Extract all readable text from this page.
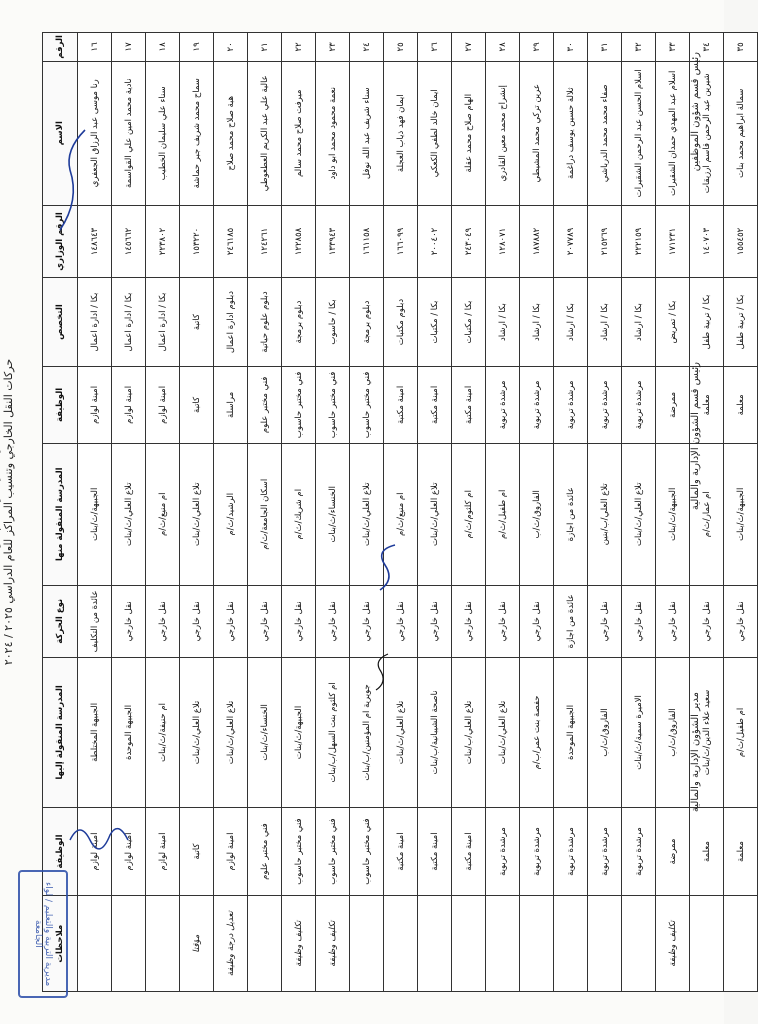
حركات النقل الخارجي وتنسيب المراكز للعام الدراسي ٢٠٢٥ / ٢٠٢٤
الرقم	الاسم	الرقم الوزاري	التخصص	الوظيفة	المدرسة المنقولة منها	نوع الحركة	المدرسة المنقولة إليها	الوظيفة	ملاحظات
١٦	رنا موسى عبد الرزاق الجعفري	١٤٨٦٤٣	بكا / ادارة اعمال	امينة لوازم	الجبيهة/ث/بنات	عائدة من التكليف	الجبيهة المختلطة	امينة لوازم	
١٧	نادية محمد امين علي القواسمة	١٤٥٦٦٢	بكا / ادارة اعمال	امينة لوازم	تلاع العلي/ث/بنات	نقل خارجي	الجبيهة الموحدة	امينة لوازم	
١٨	سناء علي سليمان الخطيب	٢٢٣٨٠٢	بكا / ادارة اعمال	امينة لوازم	ام منيع/ث/م	نقل خارجي	ام حنيفة/ث/بنات	امينة لوازم	
١٩	سماح محمد شريف جبر حماشة	١٥٣٢٢٠	كاتبة	كاتبة	تلاع العلي/ث/بنات	نقل خارجي	تلاع العلي/ث/بنات	كاتبة	مؤقتا
٢٠	هبة صلاح محمد صلاح	٢٤٦١٨٥	دبلوم ادارة اعمال	مراسلة	الرشيد/ث/م	نقل خارجي	تلاع العلي/ث/بنات	امينة لوازم	تعديل درجة وظيفة
٢١	عالية علي عبد الكريم العطعوطي	١٢٤٢٦١	دبلوم علوم حياتية	فني مختبر علوم	اسكان الجامعة/ث/م	نقل خارجي	الخنساء/ث/بنات	فني مختبر علوم	
٢٢	ميرفت صلاح محمد سالم	١٢٢٨٥٨	دبلوم برمجة	فني مختبر حاسوب	ام شريك/ث/م	نقل خارجي	الجبيهة/ث/بنات	فني مختبر حاسوب	تكليف وظيفة
٢٣	نعمة محمود محمد ابو داود	١٣٣٩٤٣	بكا / حاسوب	فني مختبر حاسوب	الخنساء/ث/بنات	نقل خارجي	ام كلثوم بنت السهل/ب/بنات	فني مختبر حاسوب	تكليف وظيفة
٢٤	سناء شريف عبد الله نوفل	١٦١١٥٨	دبلوم برمجة	فني مختبر حاسوب	تلاع العلي/ث/بنات	نقل خارجي	جويرية ام المؤمنين/ب/بنات	فني مختبر حاسوب	
٢٥	ايمان فهد ذياب العجلة	١٦٦٠٩٩	دبلوم مكتبات	امينة مكتبة	ام منيع/ث/م	نقل خارجي	تلاع العلي/ث/بنات	امينة مكتبة	
٢٦	ايمان خالد لطفي الكعكي	٢٠٠٤٠٢	بكا / مكتبات	امينة مكتبة	تلاع العلي/ث/بنات	نقل خارجي	ناصحة الشيبانية/ب/بنات	امينة مكتبة	
٢٧	الهام صلاح محمد عقلة	٢٤٣٠٤٩	بكا / مكتبات	امينة مكتبة	ام كلثوم/ث/م	نقل خارجي	تلاع العلي/ب/بنات	امينة مكتبة	
٢٨	إنشراح محمد معين القادري	١٢٨٠٧١	بكا / ارشاد	مرشدة تربوية	ام طفيل/ث/م	نقل خارجي	تلاع العلي/ث/بنات	مرشدة تربوية	
٢٩	عرين تركي محمد المشيطي	١٨٧٨٨٢	بكا / ارشاد	مرشدة تربوية	الفاروق/ث/ب	نقل خارجي	حفصة بنت عمر/ب/م	مرشدة تربوية	
٣٠	ثلالة حسين يوسف دراغمة	٢٠٧٧٨٩	بكا / ارشاد	مرشدة تربوية	عائدة من اجازة	عائدة من اجازة	الجبيهة الموحدة	مرشدة تربوية	
٣١	صفاء محمد محمد الدرباشي	٢١٥٢٦٩	بكا / ارشاد	مرشدة تربوية	تلاع العلي/ب/بنين	نقل خارجي	الفاروق/ث/ب	مرشدة تربوية	
٣٢	اسلام الحسن عبد الرحمن الشقيرات	٢٢٢١٥٩	بكا / ارشاد	مرشدة تربوية	تلاع العلي/ث/بنات	نقل خارجي	الاميرة سمية/ث/بنات	مرشدة تربوية	
٣٣	اسلام عبد المهدي حمدان الشقيرات	١٧١٢٣١	بكا / تمريض	ممرضة	الجبيهة/ث/بنات	نقل خارجي	الفاروق/ث/ب	ممرضة	تكليف وظيفة
٣٤	شيرين عبد الرحمن قاسم ارزيقات	١٤٠٧٠٣	بكا / تربية طفل	معلمة	ام عمار/ث/م	نقل خارجي	سعيد علاء الدين/ث/بنات	معلمة	
٣٥	سمالة ابراهيم محمد بنات	١٥٥٤٥٢	بكا / تربية طفل	معلمة	الجبيهة/ث/بنات	نقل خارجي	ام طفيل/ث/م	معلمة	
رئيس قسم شؤون الموظفين
رئيس قسم الشؤون الإدارية والمالية
مدير الشؤون الإدارية والمالية
مديرية التربية والتعليم / لواء الجامعة
